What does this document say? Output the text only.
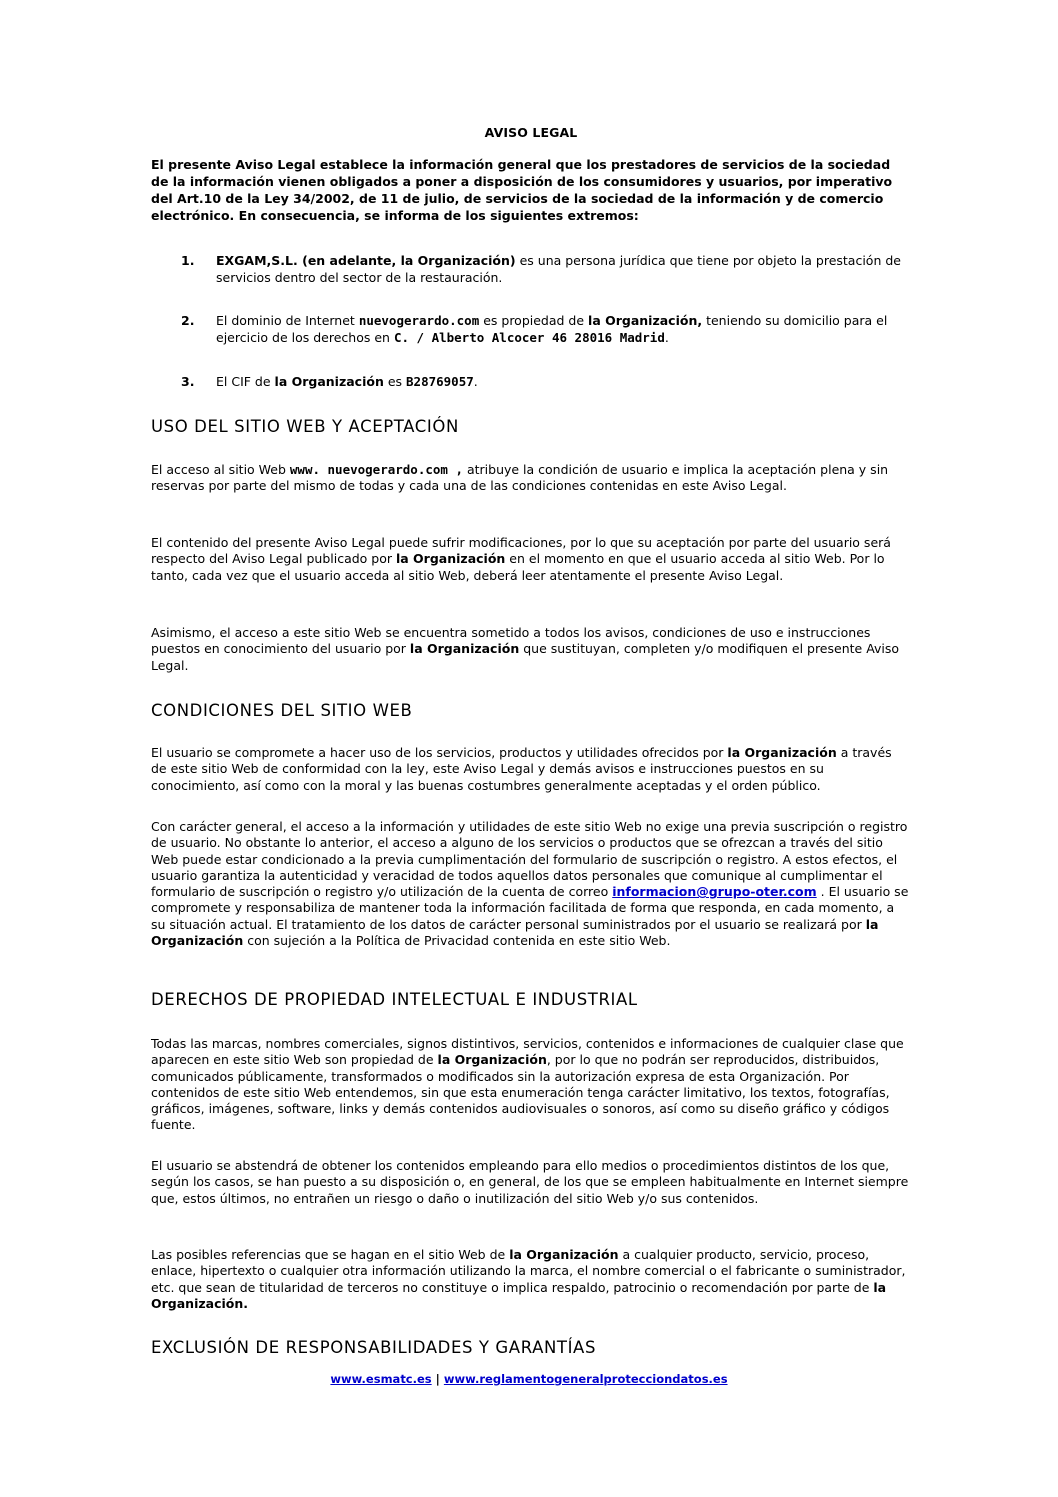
AVISO LEGAL
El presente Aviso Legal establece la información general que los prestadores de servicios de la sociedad de la información vienen obligados a poner a disposición de los consumidores y usuarios, por imperativo del Art.10 de la Ley 34/2002, de 11 de julio, de servicios de la sociedad de la información y de comercio electrónico. En consecuencia, se informa de los siguientes extremos:
1. EXGAM,S.L. (en adelante, la Organización) es una persona jurídica que tiene por objeto la prestación de servicios dentro del sector de la restauración.
2. El dominio de Internet nuevogerardo.com es propiedad de la Organización, teniendo su domicilio para el ejercicio de los derechos en C. / Alberto Alcocer 46 28016 Madrid.
3. El CIF de la Organización es B28769057.
USO DEL SITIO WEB Y ACEPTACIÓN
El acceso al sitio Web www. nuevogerardo.com , atribuye la condición de usuario e implica la aceptación plena y sin reservas por parte del mismo de todas y cada una de las condiciones contenidas en este Aviso Legal.
El contenido del presente Aviso Legal puede sufrir modificaciones, por lo que su aceptación por parte del usuario será respecto del Aviso Legal publicado por la Organización en el momento en que el usuario acceda al sitio Web. Por lo tanto, cada vez que el usuario acceda al sitio Web, deberá leer atentamente el presente Aviso Legal.
Asimismo, el acceso a este sitio Web se encuentra sometido a todos los avisos, condiciones de uso e instrucciones puestos en conocimiento del usuario por la Organización que sustituyan, completen y/o modifiquen el presente Aviso Legal.
CONDICIONES DEL SITIO WEB
El usuario se compromete a hacer uso de los servicios, productos y utilidades ofrecidos por la Organización a través de este sitio Web de conformidad con la ley, este Aviso Legal y demás avisos e instrucciones puestos en su conocimiento, así como con la moral y las buenas costumbres generalmente aceptadas y el orden público.
Con carácter general, el acceso a la información y utilidades de este sitio Web no exige una previa suscripción o registro de usuario. No obstante lo anterior, el acceso a alguno de los servicios o productos que se ofrezcan a través del sitio Web puede estar condicionado a la previa cumplimentación del formulario de suscripción o registro. A estos efectos, el usuario garantiza la autenticidad y veracidad de todos aquellos datos personales que comunique al cumplimentar el formulario de suscripción o registro y/o utilización de la cuenta de correo informacion@grupo-oter.com . El usuario se compromete y responsabiliza de mantener toda la información facilitada de forma que responda, en cada momento, a su situación actual. El tratamiento de los datos de carácter personal suministrados por el usuario se realizará por la Organización con sujeción a la Política de Privacidad contenida en este sitio Web.
DERECHOS DE PROPIEDAD INTELECTUAL E INDUSTRIAL
Todas las marcas, nombres comerciales, signos distintivos, servicios, contenidos e informaciones de cualquier clase que aparecen en este sitio Web son propiedad de la Organización, por lo que no podrán ser reproducidos, distribuidos, comunicados públicamente, transformados o modificados sin la autorización expresa de esta Organización. Por contenidos de este sitio Web entendemos, sin que esta enumeración tenga carácter limitativo, los textos, fotografías, gráficos, imágenes, software, links y demás contenidos audiovisuales o sonoros, así como su diseño gráfico y códigos fuente.
El usuario se abstendrá de obtener los contenidos empleando para ello medios o procedimientos distintos de los que, según los casos, se han puesto a su disposición o, en general, de los que se empleen habitualmente en Internet siempre que, estos últimos, no entrañen un riesgo o daño o inutilización del sitio Web y/o sus contenidos.
Las posibles referencias que se hagan en el sitio Web de la Organización a cualquier producto, servicio, proceso, enlace, hipertexto o cualquier otra información utilizando la marca, el nombre comercial o el fabricante o suministrador, etc. que sean de titularidad de terceros no constituye o implica respaldo, patrocinio o recomendación por parte de la Organización.
EXCLUSIÓN DE RESPONSABILIDADES Y GARANTÍAS
www.esmatc.es | www.reglamentogeneralprotecciondatos.es
